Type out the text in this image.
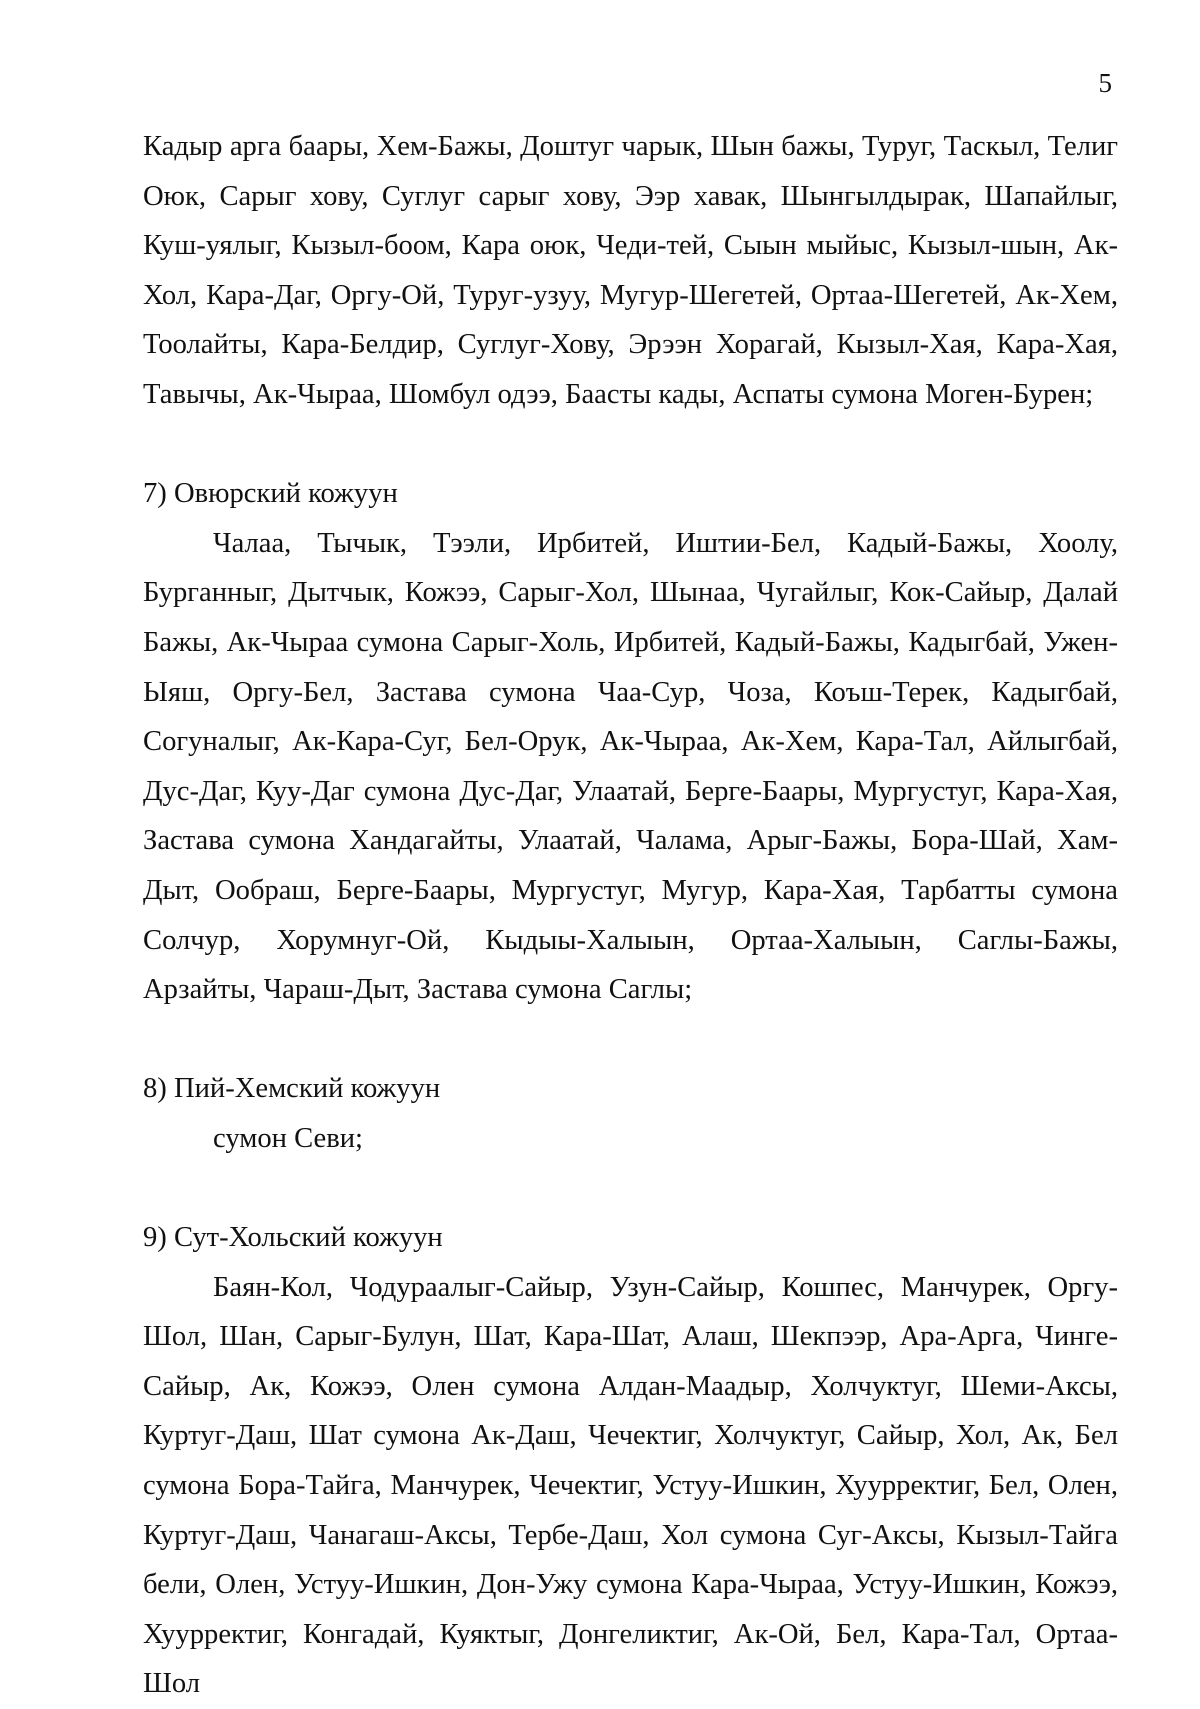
5

Кадыр арга баары, Хем-Бажы, Доштуг чарык, Шын бажы, Туруг, Таскыл, Телиг Оюк, Сарыг хову, Суглуг сарыг хову, Ээр хавак, Шынгылдырак, Шапайлыг, Куш-уялыг, Кызыл-боом, Кара оюк, Чеди-тей, Сыын мыйыс, Кызыл-шын, Ак-Хол, Кара-Даг, Оргу-Ой, Туруг-узуу, Мугур-Шегетей, Ортаа-Шегетей, Ак-Хем, Тоолайты, Кара-Белдир, Суглуг-Хову, Эрээн Хорагай, Кызыл-Хая, Кара-Хая, Тавычы, Ак-Чыраа, Шомбул одээ, Баасты кады, Аспаты сумона Моген-Бурен;

7) Овюрский кожуун

Чалаа, Тычык, Тээли, Ирбитей, Иштии-Бел, Кадый-Бажы, Хоолу, Бурганныг, Дытчык, Кожээ, Сарыг-Хол, Шынаа, Чугайлыг, Кок-Сайыр, Далай Бажы, Ак-Чыраа сумона Сарыг-Холь, Ирбитей, Кадый-Бажы, Кадыгбай, Ужен-Ыяш, Оргу-Бел, Застава сумона Чаа-Сур, Чоза, Коъш-Терек, Кадыгбай, Согуналыг, Ак-Кара-Суг, Бел-Орук, Ак-Чыраа, Ак-Хем, Кара-Тал, Айлыгбай, Дус-Даг, Куу-Даг сумона Дус-Даг, Улаатай, Берге-Баары, Мургустуг, Кара-Хая, Застава сумона Хандагайты, Улаатай, Чалама, Арыг-Бажы, Бора-Шай, Хам-Дыт, Ообраш, Берге-Баары, Мургустуг, Мугур, Кара-Хая, Тарбатты сумона Солчур, Хорумнуг-Ой, Кыдыы-Халыын, Ортаа-Халыын, Саглы-Бажы, Арзайты, Чараш-Дыт, Застава сумона Саглы;

8) Пий-Хемский кожуун

сумон Севи;

9) Сут-Хольский кожуун

Баян-Кол, Чодураалыг-Сайыр, Узун-Сайыр, Кошпес, Манчурек, Оргу-Шол, Шан, Сарыг-Булун, Шат, Кара-Шат, Алаш, Шекпээр, Ара-Арга, Чинге-Сайыр, Ак, Кожээ, Олен сумона Алдан-Маадыр, Холчуктуг, Шеми-Аксы, Куртуг-Даш, Шат сумона Ак-Даш, Чечектиг, Холчуктуг, Сайыр, Хол, Ак, Бел сумона Бора-Тайга, Манчурек, Чечектиг, Устуу-Ишкин, Хуурректиг, Бел, Олен, Куртуг-Даш, Чанагаш-Аксы, Тербе-Даш, Хол сумона Суг-Аксы, Кызыл-Тайга бели, Олен, Устуу-Ишкин, Дон-Ужу сумона Кара-Чыраа, Устуу-Ишкин, Кожээ, Хуурректиг, Конгадай, Куяктыг, Донгеликтиг, Ак-Ой, Бел, Кара-Тал, Ортаа-Шол
